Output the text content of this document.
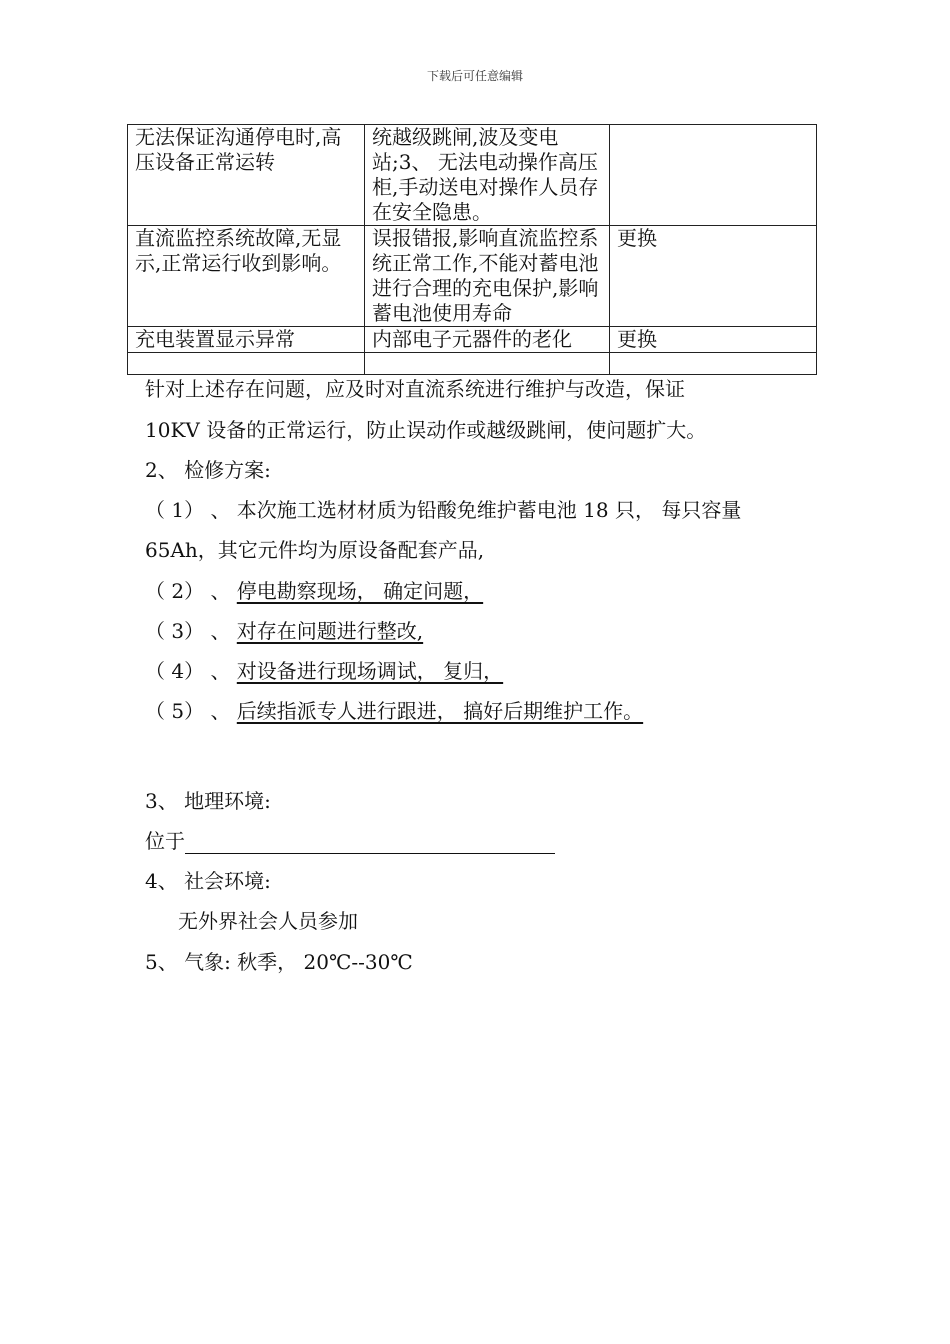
下载后可任意编辑
无法保证沟通停电时,高压设备正常运转	统越级跳闸,波及变电站;3、 无法电动操作高压柜,手动送电对操作人员存在安全隐患。	
直流监控系统故障,无显示,正常运行收到影响。	误报错报,影响直流监控系统正常工作,不能对蓄电池进行合理的充电保护,影响蓄电池使用寿命	更换
充电装置显示异常	内部电子元器件的老化	更换

针对上述存在问题，应及时对直流系统进行维护与改造，保证
10KV 设备的正常运行，防止误动作或越级跳闸，使问题扩大。
2、 检修方案:
（ 1） 、 本次施工选材材质为铅酸免维护蓄电池 18 只， 每只容量
65Ah，其它元件均为原设备配套产品,
（ 2） 、 停电勘察现场， 确定问题，
（ 3） 、 对存在问题进行整改,
（ 4） 、 对设备进行现场调试， 复归，
（ 5） 、 后续指派专人进行跟进， 搞好后期维护工作。
3、 地理环境:
位于
4、 社会环境:
无外界社会人员参加
5、 气象: 秋季， 20℃--30℃
